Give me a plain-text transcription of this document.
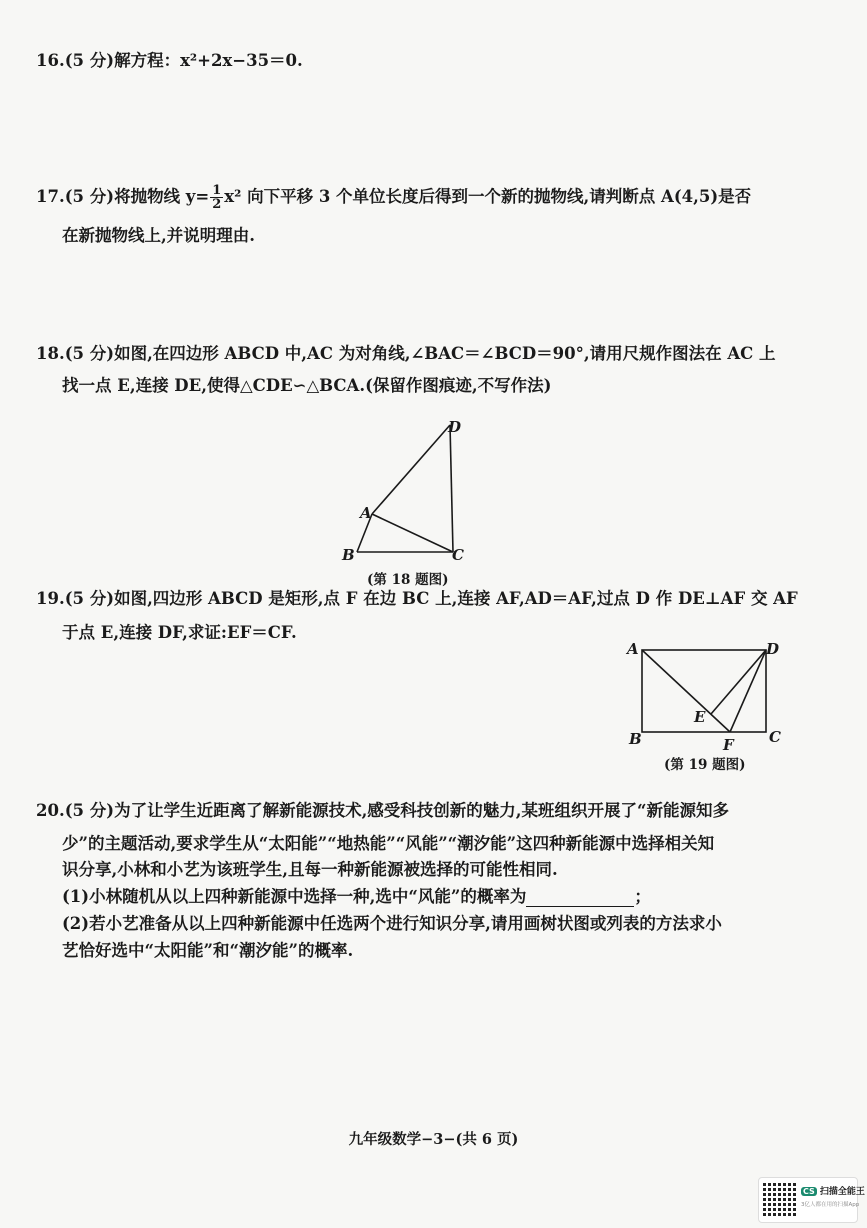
16.(5 分)解方程：x²+2x−35＝0.
17.(5 分)将抛物线 $y= \frac{1}{2} x^2$ 向下平移 3 个单位长度后得到一个新的抛物线,请判断点 A(4,5)是否
在新抛物线上,并说明理由.
18.(5 分)如图,在四边形 ABCD 中,AC 为对角线,∠BAC＝∠BCD＝90°,请用尺规作图法在 AC 上
找一点 E,连接 DE,使得△CDE∽△BCA.(保留作图痕迹,不写作法)
D
A
B	C
(第 18 题图)
19.(5 分)如图,四边形 ABCD 是矩形,点 F 在边 BC 上,连接 AF,AD＝AF,过点 D 作 DE⊥AF 交 AF
于点 E,连接 DF,求证:EF＝CF.
A	D
E
B	F C
(第 19 题图)
20.(5 分)为了让学生近距离了解新能源技术,感受科技创新的魅力,某班组织开展了“新能源知多
少”的主题活动,要求学生从“太阳能”“地热能”“风能”“潮汐能”这四种新能源中选择相关知
识分享,小林和小艺为该班学生,且每一种新能源被选择的可能性相同.
(1)小林随机从以上四种新能源中选择一种,选中“风能”的概率为	；
(2)若小艺准备从以上四种新能源中任选两个进行知识分享,请用画树状图或列表的方法求小
艺恰好选中“太阳能”和“潮汐能”的概率.
九年级数学−3−(共 6 页)
CS 扫描全能王
3亿人都在用的扫描App
